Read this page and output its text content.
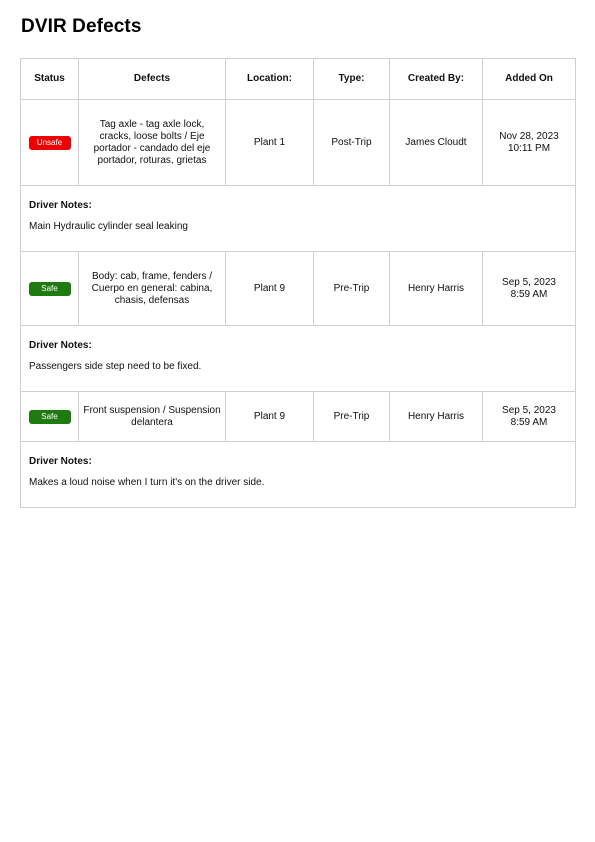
DVIR Defects
Status	Defects	Location:	Type:	Created By:	Added On
Unsafe	Tag axle - tag axle lock, cracks, loose bolts / Eje portador - candado del eje portador, roturas, grietas	Plant 1	Post-Trip	James Cloudt	Nov 28, 2023
10:11 PM

Driver Notes:
Main Hydraulic cylinder seal leaking					

Safe	Body: cab, frame, fenders / Cuerpo en general: cabina, chasis, defensas	Plant 9	Pre-Trip	Henry Harris	Sep 5, 2023
8:59 AM

Driver Notes:
Passengers side step need to be fixed.					

Safe	Front suspension / Suspension delantera	Plant 9	Pre-Trip	Henry Harris	Sep 5, 2023
8:59 AM

Driver Notes:
Makes a loud noise when I turn it's on the driver side.					
